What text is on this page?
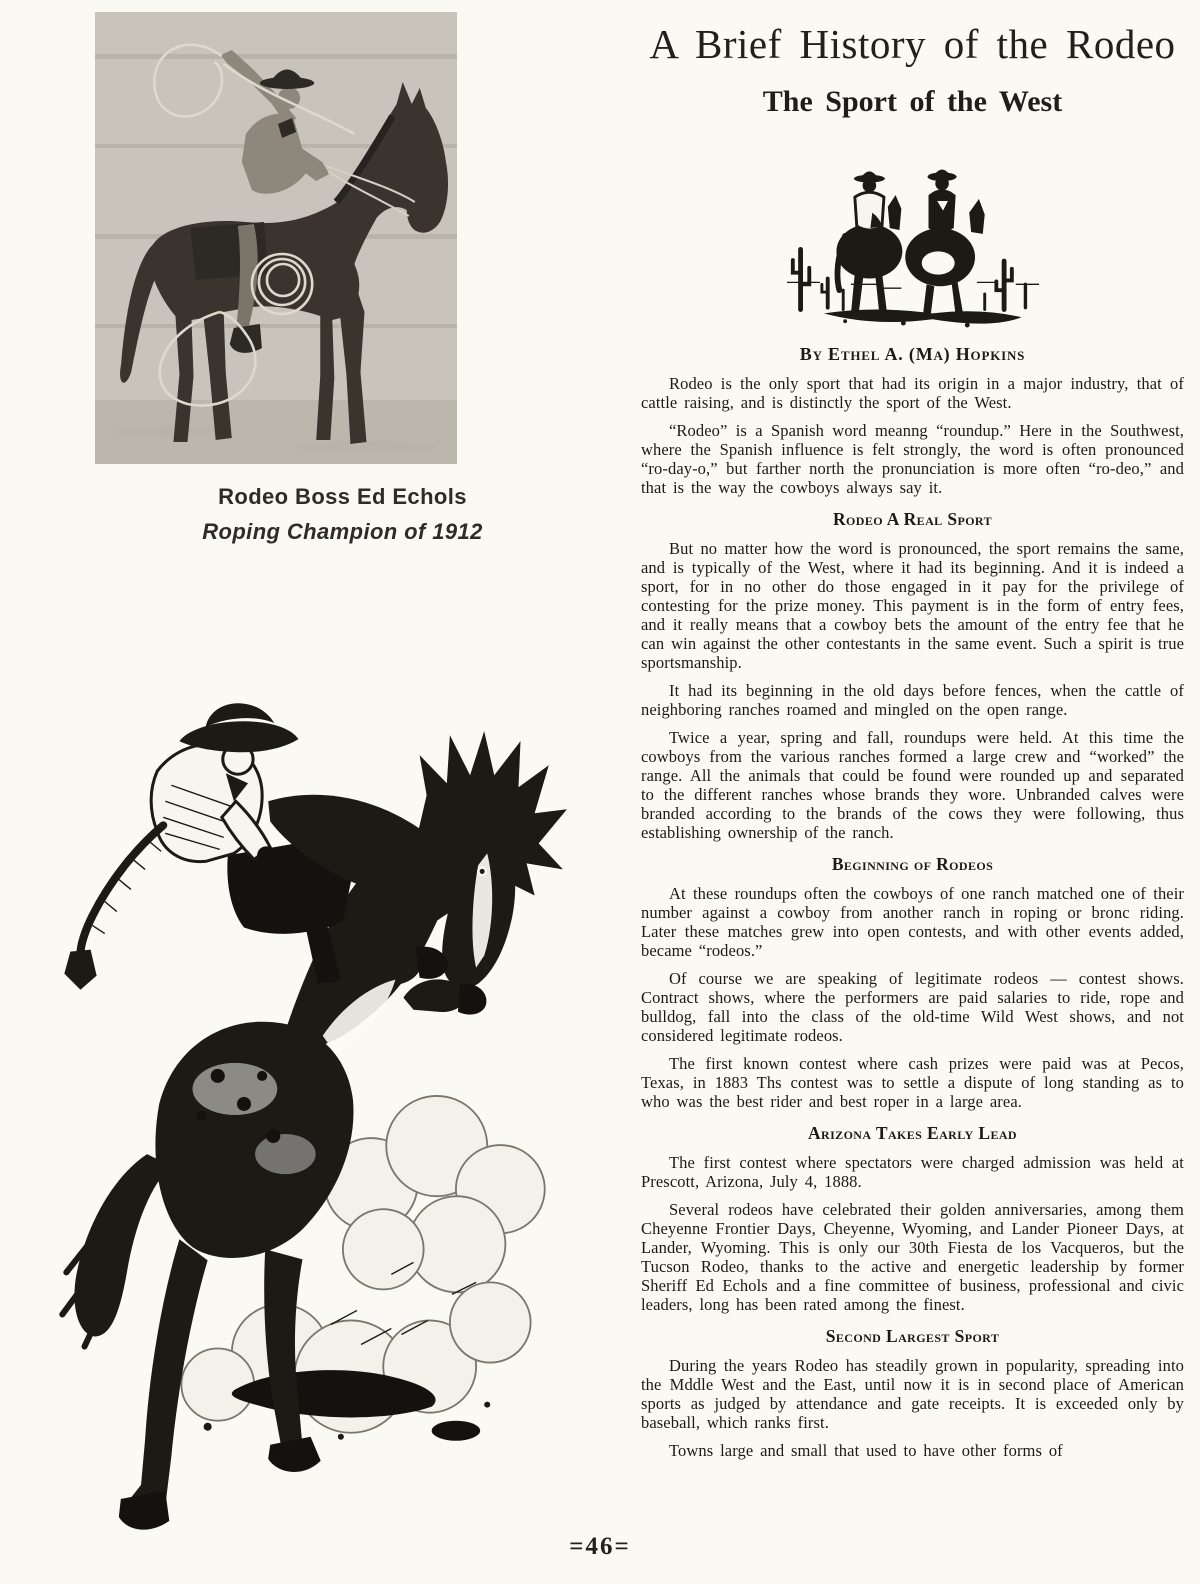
Rodeo Boss Ed Echols
Roping Champion of 1912
A Brief History of the Rodeo
The Sport of the West
By Ethel A. (Ma) Hopkins

Rodeo is the only sport that had its origin in a major industry, that of cattle raising, and is distinctly the sport of the West.

“Rodeo” is a Spanish word meanng “roundup.” Here in the Southwest, where the Spanish influence is felt strongly, the word is often pronounced “ro-day-o,” but farther north the pronunciation is more often “ro-deo,” and that is the way the cowboys always say it.

Rodeo A Real Sport

But no matter how the word is pronounced, the sport remains the same, and is typically of the West, where it had its beginning. And it is indeed a sport, for in no other do those engaged in it pay for the privilege of contesting for the prize money. This payment is in the form of entry fees, and it really means that a cowboy bets the amount of the entry fee that he can win against the other contestants in the same event. Such a spirit is true sportsmanship.

It had its beginning in the old days before fences, when the cattle of neighboring ranches roamed and mingled on the open range.

Twice a year, spring and fall, roundups were held. At this time the cowboys from the various ranches formed a large crew and “worked” the range. All the animals that could be found were rounded up and separated to the different ranches whose brands they wore. Unbranded calves were branded according to the brands of the cows they were following, thus establishing ownership of the ranch.

Beginning of Rodeos

At these roundups often the cowboys of one ranch matched one of their number against a cowboy from another ranch in roping or bronc riding. Later these matches grew into open contests, and with other events added, became “rodeos.”

Of course we are speaking of legitimate rodeos — contest shows. Contract shows, where the performers are paid salaries to ride, rope and bulldog, fall into the class of the old-time Wild West shows, and not considered legitimate rodeos.

The first known contest where cash prizes were paid was at Pecos, Texas, in 1883 Ths contest was to settle a dispute of long standing as to who was the best rider and best roper in a large area.

Arizona Takes Early Lead

The first contest where spectators were charged admission was held at Prescott, Arizona, July 4, 1888.

Several rodeos have celebrated their golden anniversaries, among them Cheyenne Frontier Days, Cheyenne, Wyoming, and Lander Pioneer Days, at Lander, Wyoming. This is only our 30th Fiesta de los Vacqueros, but the Tucson Rodeo, thanks to the active and energetic leadership by former Sheriff Ed Echols and a fine committee of business, professional and civic leaders, long has been rated among the finest.

Second Largest Sport

During the years Rodeo has steadily grown in popularity, spreading into the Mddle West and the East, until now it is in second place of American sports as judged by attendance and gate receipts. It is exceeded only by baseball, which ranks first.

Towns large and small that used to have other forms of

=46=
